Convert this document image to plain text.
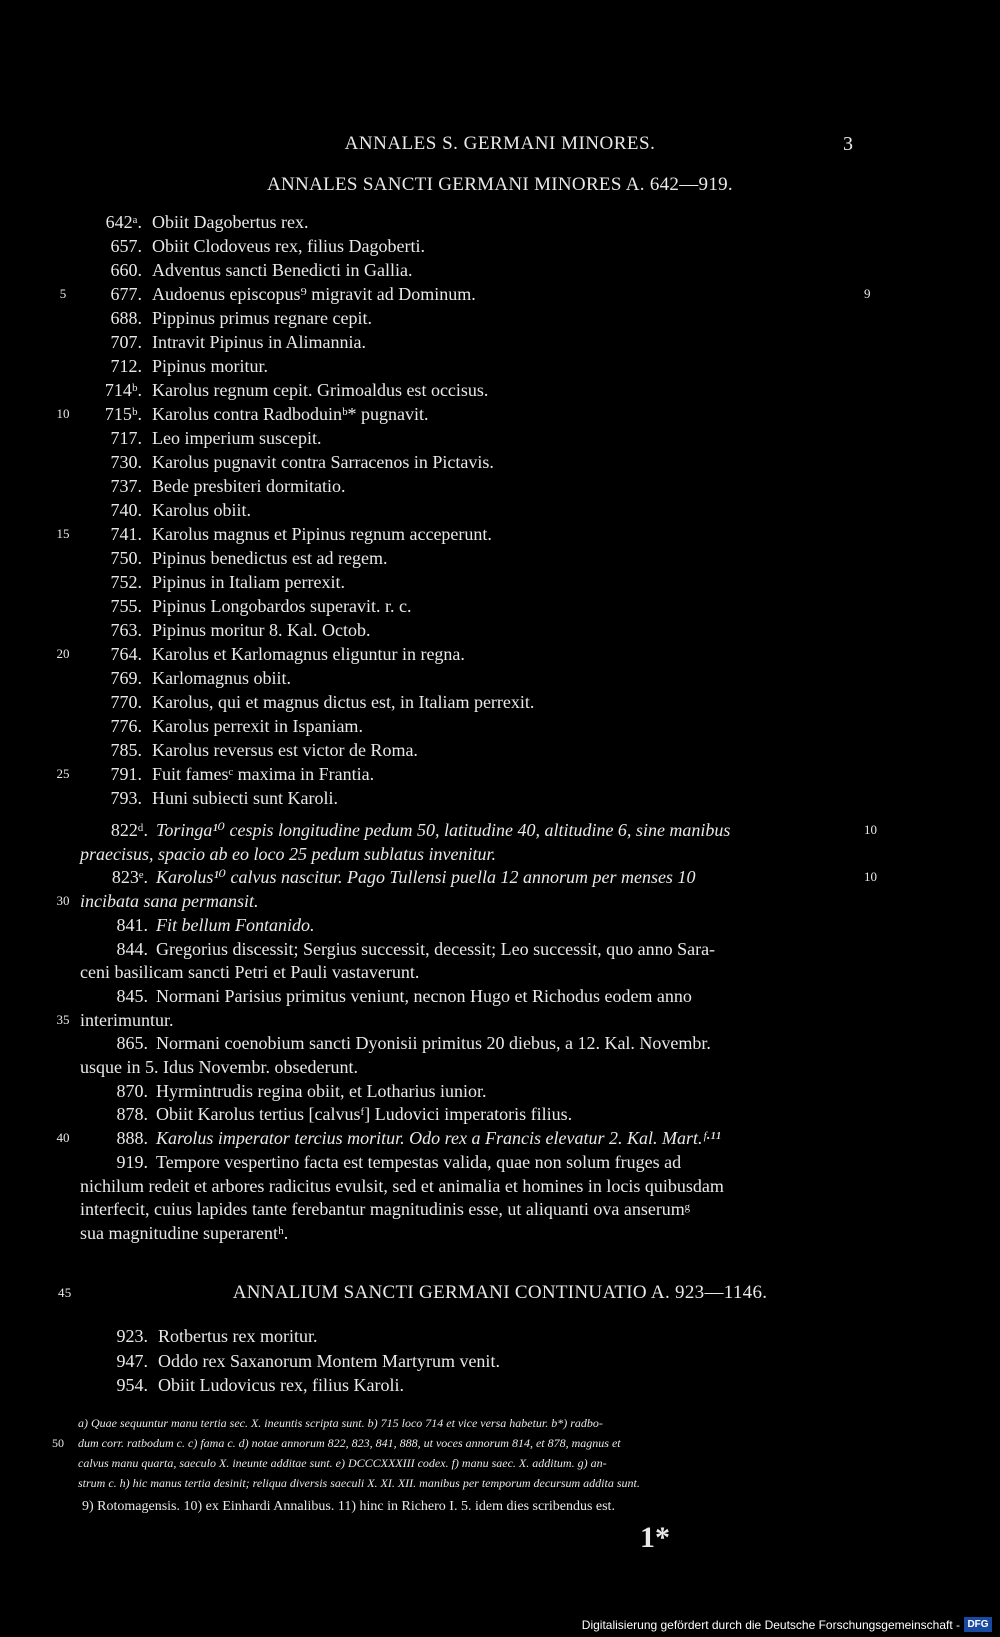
ANNALES S. GERMANI MINORES.	3
ANNALES SANCTI GERMANI MINORES A. 642—919.
642ᵃ. Obiit Dagobertus rex.
657. Obiit Clodoveus rex, filius Dagoberti.
660. Adventus sancti Benedicti in Gallia.
5	677. Audoenus episcopus⁹ migravit ad Dominum.	9
688. Pippinus primus regnare cepit.
707. Intravit Pipinus in Alimannia.
712. Pipinus moritur.
714ᵇ. Karolus regnum cepit. Grimoaldus est occisus.
10	715ᵇ. Karolus contra Radboduinᵇ* pugnavit.
717. Leo imperium suscepit.
730. Karolus pugnavit contra Sarracenos in Pictavis.
737. Bede presbiteri dormitatio.
740. Karolus obiit.
15	741. Karolus magnus et Pipinus regnum acceperunt.
750. Pipinus benedictus est ad regem.
752. Pipinus in Italiam perrexit.
755. Pipinus Longobardos superavit. r. c.
763. Pipinus moritur 8. Kal. Octob.
20	764. Karolus et Karlomagnus eliguntur in regna.
769. Karlomagnus obiit.
770. Karolus, qui et magnus dictus est, in Italiam perrexit.
776. Karolus perrexit in Ispaniam.
785. Karolus reversus est victor de Roma.
25	791. Fuit famesᶜ maxima in Frantia.
793. Huni subiecti sunt Karoli.
822ᵈ. Toringa¹⁰ cespis longitudine pedum 50, latitudine 40, altitudine 6, sine manibus	10
praecisus, spacio ab eo loco 25 pedum sublatus invenitur.
823ᵉ. Karolus¹⁰ calvus nascitur. Pago Tullensi puella 12 annorum per menses 10	10
30 incibata sana permansit.
841. Fit bellum Fontanido.
844. Gregorius discessit; Sergius successit, decessit; Leo successit, quo anno Sara-
ceni basilicam sancti Petri et Pauli vastaverunt.
845. Normani Parisius primitus veniunt, necnon Hugo et Richodus eodem anno
35 interimuntur.
865. Normani coenobium sancti Dyonisii primitus 20 diebus, a 12. Kal. Novembr.
usque in 5. Idus Novembr. obsederunt.
870. Hyrmintrudis regina obiit, et Lotharius iunior.
878. Obiit Karolus tertius [calvusᶠ] Ludovici imperatoris filius.
40	888. Karolus imperator tercius moritur. Odo rex a Francis elevatur 2. Kal. Mart.ᶠ·¹¹
919. Tempore vespertino facta est tempestas valida, quae non solum fruges ad
nichilum redeit et arbores radicitus evulsit, sed et animalia et homines in locis quibusdam
interfecit, cuius lapides tante ferebantur magnitudinis esse, ut aliquanti ova anserumᵍ
sua magnitudine superarentʰ.
45	ANNALIUM SANCTI GERMANI CONTINUATIO A. 923—1146.
923. Rotbertus rex moritur.
947. Oddo rex Saxanorum Montem Martyrum venit.
954. Obiit Ludovicus rex, filius Karoli.
a) Quae sequuntur manu tertia sec. X. ineuntis scripta sunt. b) 715 loco 714 et vice versa habetur. b*) radbo-
50 dum corr. ratbodum c. c) fama c. d) notae annorum 822, 823, 841, 888, ut voces annorum 814, et 878, magnus et
calvus manu quarta, saeculo X. ineunte additae sunt. e) DCCCXXXIII codex. f) manu saec. X. additum. g) an-
strum c. h) hic manus tertia desinit; reliqua diversis saeculi X. XI. XII. manibus per temporum decursum addita sunt.
9) Rotomagensis. 10) ex Einhardi Annalibus. 11) hinc in Richero I. 5. idem dies scribendus est.
1*
Digitalisierung gefördert durch die Deutsche Forschungsgemeinschaft - DFG
